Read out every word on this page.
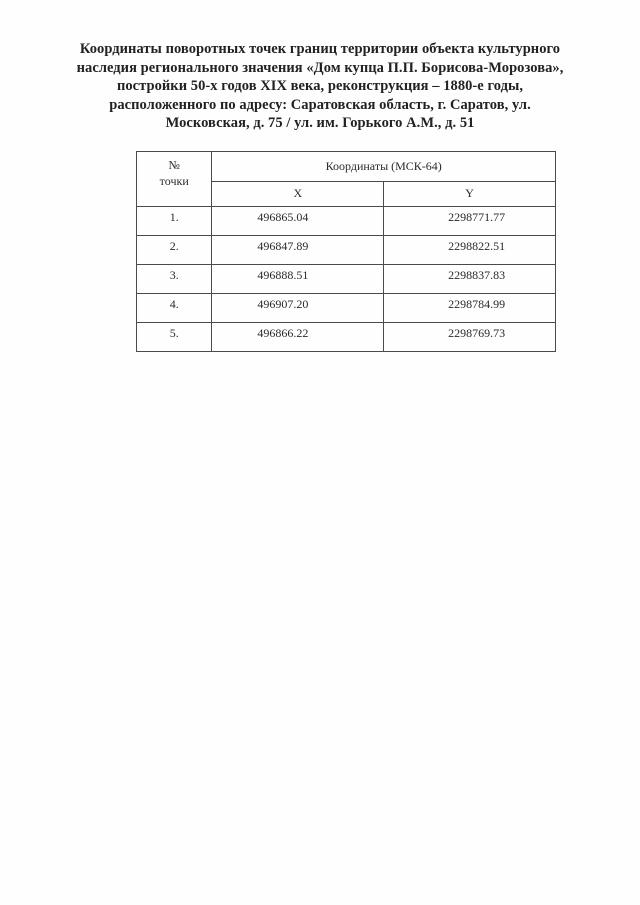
Координаты поворотных точек границ территории объекта культурного
наследия регионального значения «Дом купца П.П. Борисова-Морозова»,
постройки 50-х годов XIX века, реконструкция – 1880-е годы,
расположенного по адресу: Саратовская область, г. Саратов, ул.
Московская, д. 75 / ул. им. Горького А.М., д. 51
№
точки	Координаты (МСК-64)	
	X	Y
1.	496865.04	2298771.77
2.	496847.89	2298822.51
3.	496888.51	2298837.83
4.	496907.20	2298784.99
5.	496866.22	2298769.73
